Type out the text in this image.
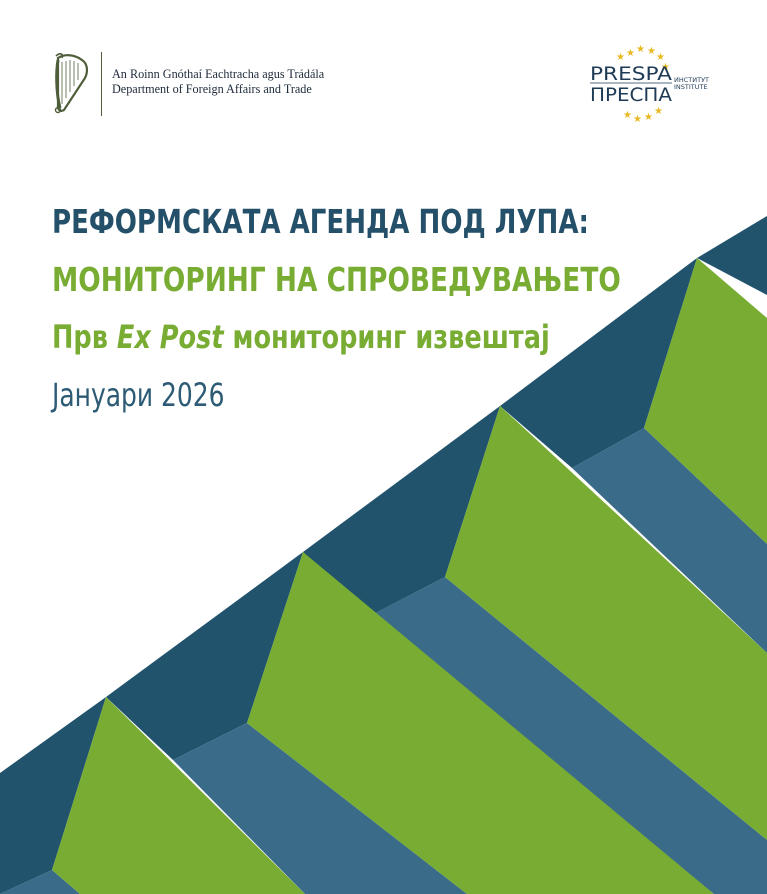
An Roinn Gnóthaí Eachtracha agus Trádála
Department of Foreign Affairs and Trade
★ ★ ★
★
★
★
★
★
★
★
PRESPA
ПРЕСПА
ИНСТИТУТ
INSTITUTE
РЕФОРМСКАТА АГЕНДА ПОД ЛУПА:
МОНИТОРИНГ НА СПРОВЕДУВАЊЕТО
Прв Ex Post мониторинг извештај
Јануари 2026
